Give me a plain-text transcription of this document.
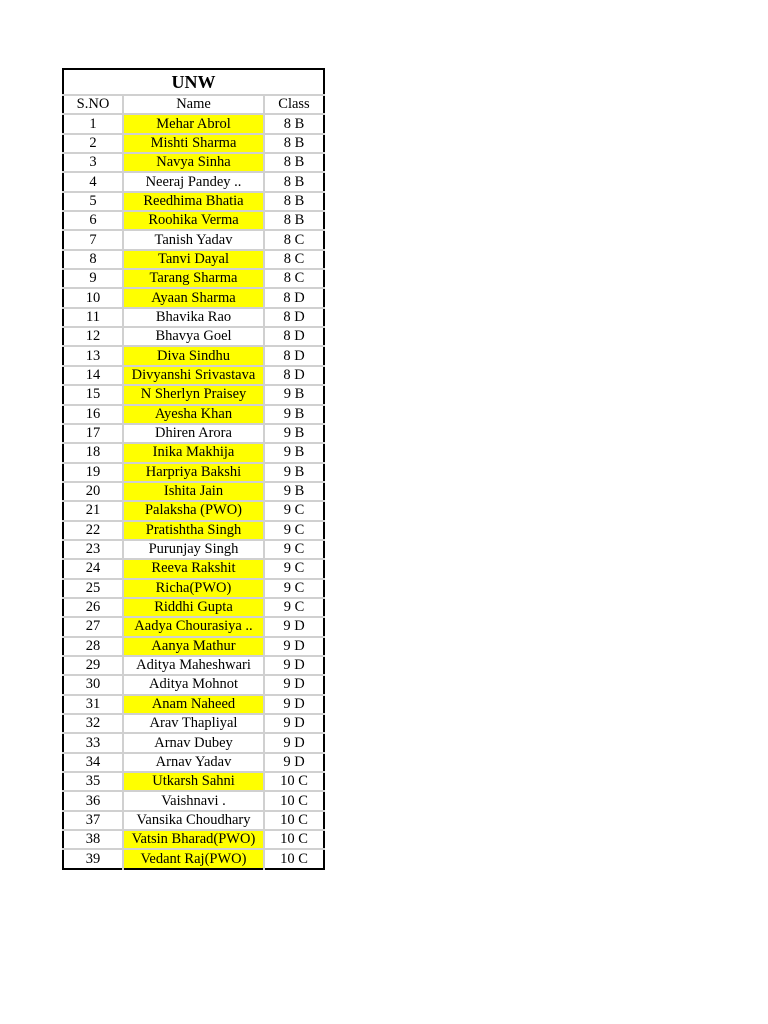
UNW		
S.NO	Name	Class
1	Mehar Abrol	8 B
2	Mishti Sharma	8 B
3	Navya Sinha	8 B
4	Neeraj Pandey ..	8 B
5	Reedhima Bhatia	8 B
6	Roohika Verma	8 B
7	Tanish Yadav	8 C
8	Tanvi Dayal	8 C
9	Tarang Sharma	8 C
10	Ayaan Sharma	8 D
11	Bhavika Rao	8 D
12	Bhavya Goel	8 D
13	Diva Sindhu	8 D
14	Divyanshi Srivastava	8 D
15	N Sherlyn Praisey	9 B
16	Ayesha Khan	9 B
17	Dhiren Arora	9 B
18	Inika Makhija	9 B
19	Harpriya Bakshi	9 B
20	Ishita Jain	9 B
21	Palaksha (PWO)	9 C
22	Pratishtha Singh	9 C
23	Purunjay Singh	9 C
24	Reeva Rakshit	9 C
25	Richa(PWO)	9 C
26	Riddhi Gupta	9 C
27	Aadya Chourasiya ..	9 D
28	Aanya Mathur	9 D
29	Aditya Maheshwari	9 D
30	Aditya Mohnot	9 D
31	Anam Naheed	9 D
32	Arav Thapliyal	9 D
33	Arnav Dubey	9 D
34	Arnav Yadav	9 D
35	Utkarsh Sahni	10 C
36	Vaishnavi .	10 C
37	Vansika Choudhary	10 C
38	Vatsin Bharad(PWO)	10 C
39	Vedant Raj(PWO)	10 C
